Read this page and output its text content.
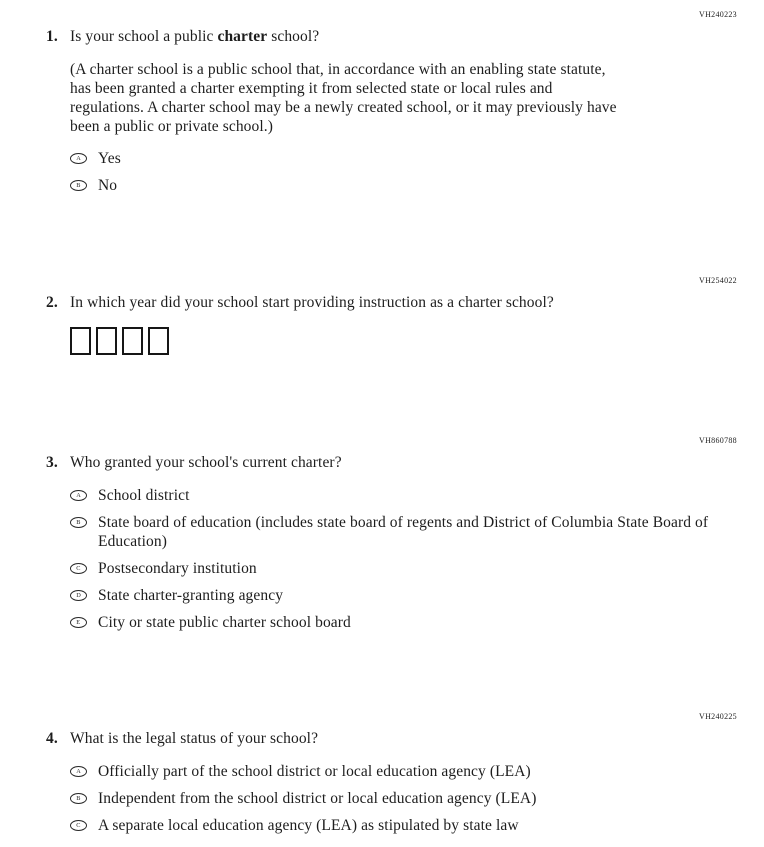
VH240223
1. Is your school a public charter school?
(A charter school is a public school that, in accordance with an enabling state statute, has been granted a charter exempting it from selected state or local rules and regulations. A charter school may be a newly created school, or it may previously have been a public or private school.)
A Yes
B No
VH254022
2. In which year did your school start providing instruction as a charter school?
VH860788
3. Who granted your school's current charter?
A School district
B State board of education (includes state board of regents and District of Columbia State Board of Education)
C Postsecondary institution
D State charter-granting agency
E City or state public charter school board
VH240225
4. What is the legal status of your school?
A Officially part of the school district or local education agency (LEA)
B Independent from the school district or local education agency (LEA)
C A separate local education agency (LEA) as stipulated by state law
